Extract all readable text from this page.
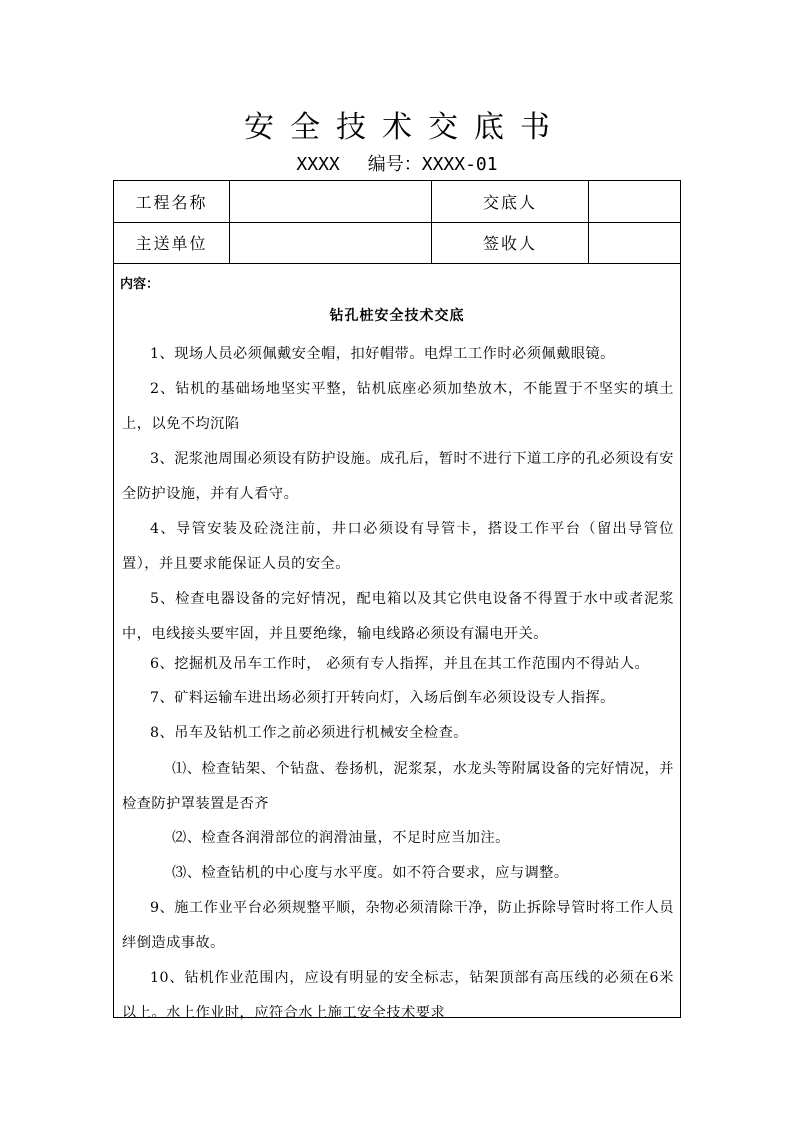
安全技术交底书
XXXX 编号：XXXX-01
工程名称	交底人
主送单位	签收人
内容：
钻孔桩安全技术交底
1、现场人员必须佩戴安全帽，扣好帽带。电焊工工作时必须佩戴眼镜。
2、钻机的基础场地坚实平整，钻机底座必须加垫放木，不能置于不坚实的填土上，以免不均沉陷
3、泥浆池周围必须设有防护设施。成孔后，暂时不进行下道工序的孔必须设有安全防护设施，并有人看守。
4、导管安装及砼浇注前，井口必须设有导管卡，搭设工作平台（留出导管位置），并且要求能保证人员的安全。
5、检查电器设备的完好情况，配电箱以及其它供电设备不得置于水中或者泥浆中，电线接头要牢固，并且要绝缘，输电线路必须设有漏电开关。
6、挖掘机及吊车工作时， 必须有专人指挥，并且在其工作范围内不得站人。
7、矿料运输车进出场必须打开转向灯，入场后倒车必须设设专人指挥。
8、吊车及钻机工作之前必须进行机械安全检查。
⑴、检查钻架、个钻盘、卷扬机，泥浆泵，水龙头等附属设备的完好情况，并检查防护罩装置是否齐
⑵、检查各润滑部位的润滑油量，不足时应当加注。
⑶、检查钻机的中心度与水平度。如不符合要求，应与调整。
9、施工作业平台必须规整平顺，杂物必须清除干净，防止拆除导管时将工作人员绊倒造成事故。
10、钻机作业范围内，应设有明显的安全标志，钻架顶部有高压线的必须在6米以上。水上作业时，应符合水上施工安全技术要求
